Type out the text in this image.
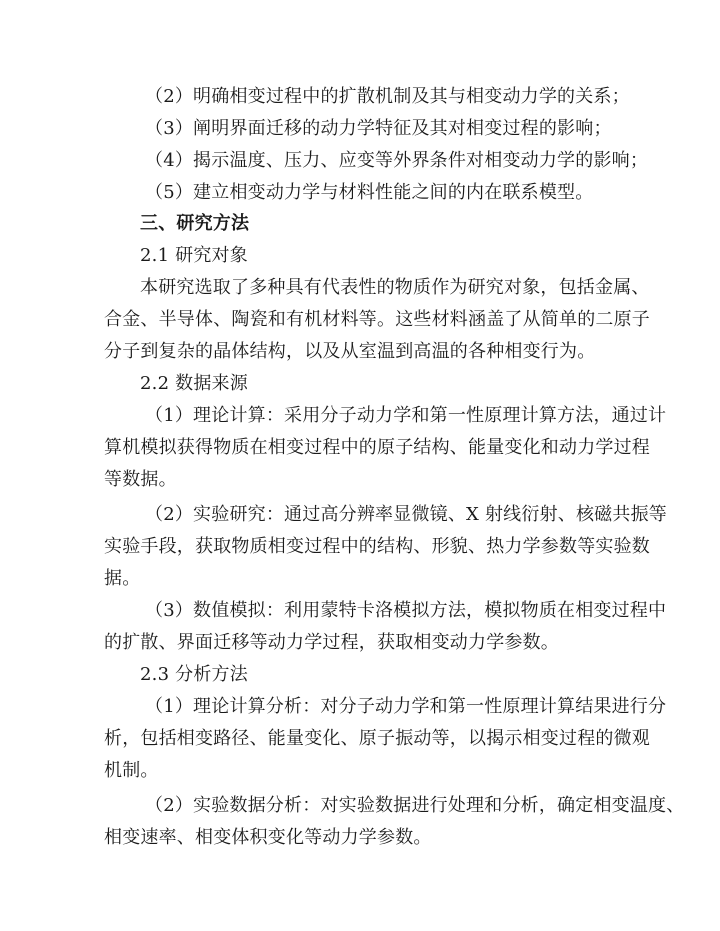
（2）明确相变过程中的扩散机制及其与相变动力学的关系；
（3）阐明界面迁移的动力学特征及其对相变过程的影响；
（4）揭示温度、压力、应变等外界条件对相变动力学的影响；
（5）建立相变动力学与材料性能之间的内在联系模型。
三、研究方法
2.1 研究对象
本研究选取了多种具有代表性的物质作为研究对象，包括金属、
合金、半导体、陶瓷和有机材料等。这些材料涵盖了从简单的二原子
分子到复杂的晶体结构，以及从室温到高温的各种相变行为。
2.2 数据来源
（1）理论计算：采用分子动力学和第一性原理计算方法，通过计
算机模拟获得物质在相变过程中的原子结构、能量变化和动力学过程
等数据。
（2）实验研究：通过高分辨率显微镜、X 射线衍射、核磁共振等
实验手段，获取物质相变过程中的结构、形貌、热力学参数等实验数
据。
（3）数值模拟：利用蒙特卡洛模拟方法，模拟物质在相变过程中
的扩散、界面迁移等动力学过程，获取相变动力学参数。
2.3 分析方法
（1）理论计算分析：对分子动力学和第一性原理计算结果进行分
析，包括相变路径、能量变化、原子振动等，以揭示相变过程的微观
机制。
（2）实验数据分析：对实验数据进行处理和分析，确定相变温度、
相变速率、相变体积变化等动力学参数。
